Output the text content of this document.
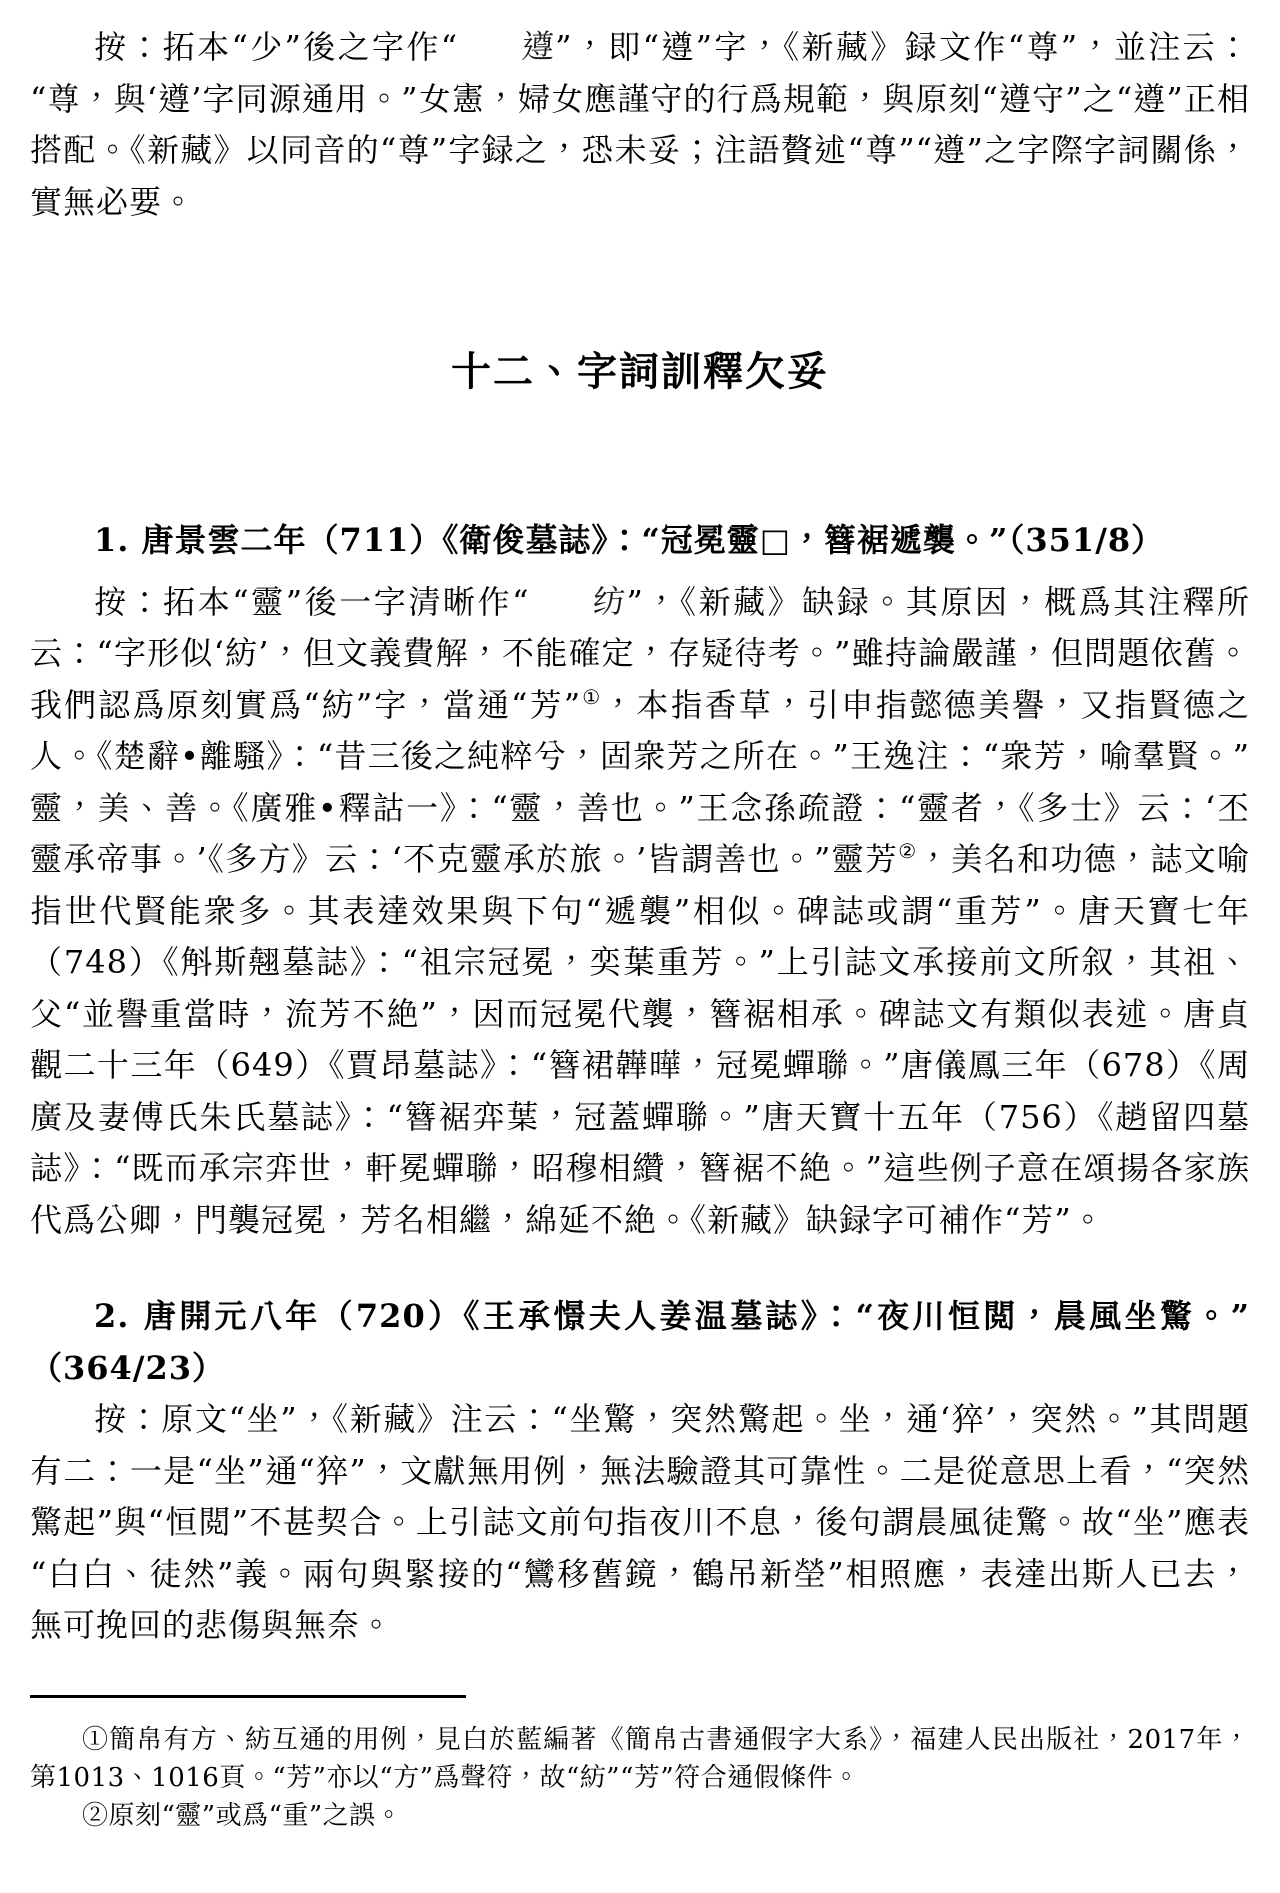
按：拓本“少”後之字作“ 遵”，即“遵”字，《新藏》録文作“尊”，並注云：“尊，與‘遵’字同源通用。”女憲，婦女應謹守的行爲規範，與原刻“遵守”之“遵”正相搭配。《新藏》以同音的“尊”字録之，恐未妥；注語贅述“尊”“遵”之字際字詞關係，實無必要。

十二、字詞訓釋欠妥

1. 唐景雲二年（711）《衛俊墓誌》：“冠冕靈□，簪裾遞襲。”（351/8）

按：拓本“靈”後一字清晰作“ 纺”，《新藏》缺録。其原因，概爲其注釋所云：“字形似‘紡’，但文義費解，不能確定，存疑待考。”雖持論嚴謹，但問題依舊。我們認爲原刻實爲“紡”字，當通“芳”①，本指香草，引申指懿德美譽，又指賢德之人。《楚辭•離騷》：“昔三後之純粹兮，固衆芳之所在。”王逸注：“衆芳，喻羣賢。”靈，美、善。《廣雅•釋詁一》：“靈，善也。”王念孫疏證：“靈者，《多士》云：‘丕靈承帝事。’《多方》云：‘不克靈承於旅。’皆謂善也。”靈芳②，美名和功德，誌文喻指世代賢能衆多。其表達效果與下句“遞襲”相似。碑誌或謂“重芳”。唐天寶七年（748）《斛斯翹墓誌》：“祖宗冠冕，奕葉重芳。”上引誌文承接前文所叙，其祖、父“並譽重當時，流芳不絶”，因而冠冕代襲，簪裾相承。碑誌文有類似表述。唐貞觀二十三年（649）《賈昂墓誌》：“簪裙韡曄，冠冕蟬聯。”唐儀鳳三年（678）《周廣及妻傅氏朱氏墓誌》：“簪裾弈葉，冠蓋蟬聯。”唐天寶十五年（756）《趙留四墓誌》：“既而承宗弈世，軒冕蟬聯，昭穆相纘，簪裾不絶。”這些例子意在頌揚各家族代爲公卿，門襲冠冕，芳名相繼，綿延不絶。《新藏》缺録字可補作“芳”。

2. 唐開元八年（720）《王承憬夫人姜温墓誌》：“夜川恒閲，晨風坐驚。”（364/23）

按：原文“坐”，《新藏》注云：“坐驚，突然驚起。坐，通‘猝’，突然。”其問題有二：一是“坐”通“猝”，文獻無用例，無法驗證其可靠性。二是從意思上看，“突然驚起”與“恒閲”不甚契合。上引誌文前句指夜川不息，後句謂晨風徒驚。故“坐”應表“白白、徒然”義。兩句與緊接的“鸞移舊鏡，鶴吊新塋”相照應，表達出斯人已去，無可挽回的悲傷與無奈。

①簡帛有方、紡互通的用例，見白於藍編著《簡帛古書通假字大系》，福建人民出版社，2017年，第1013、1016頁。“芳”亦以“方”爲聲符，故“紡”“芳”符合通假條件。

②原刻“靈”或爲“重”之誤。
